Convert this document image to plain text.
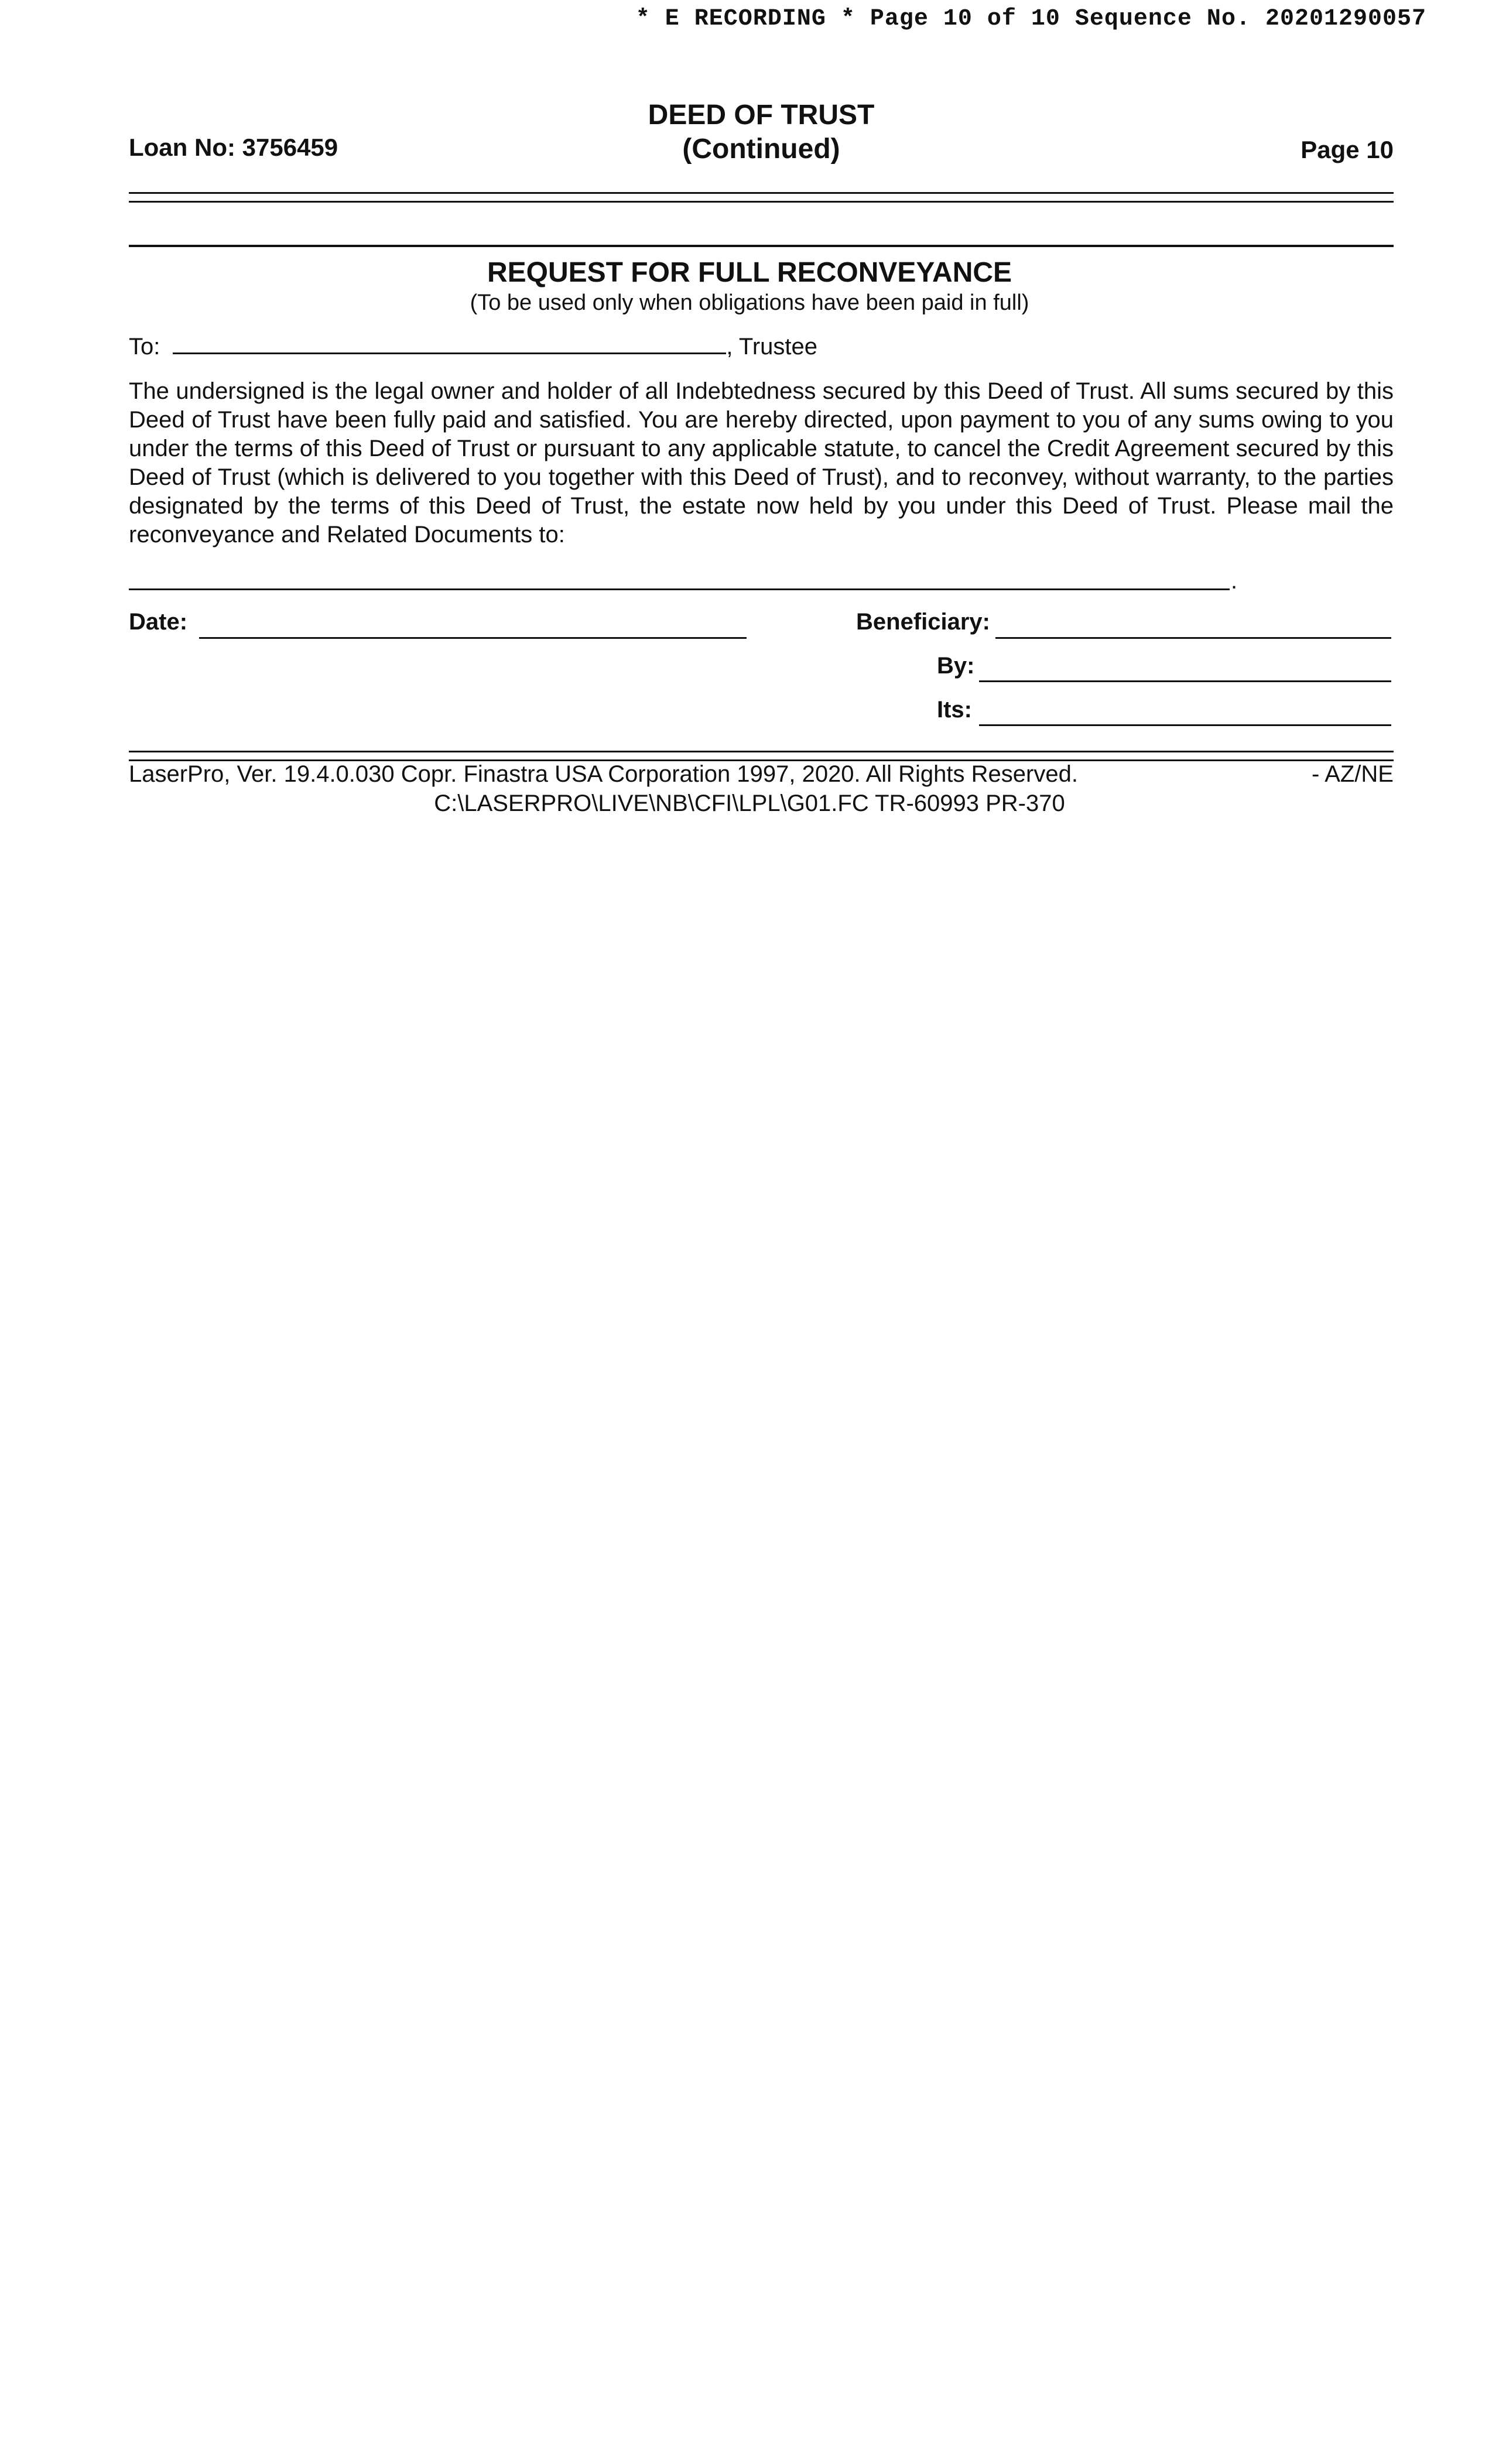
* E RECORDING * Page 10 of 10 Sequence No. 20201290057
Loan No: 3756459
DEED OF TRUST
(Continued)	Page 10
REQUEST FOR FULL RECONVEYANCE
(To be used only when obligations have been paid in full)
To:	, Trustee
The undersigned is the legal owner and holder of all Indebtedness secured by this Deed of Trust. All sums secured by this Deed of Trust have been fully paid and satisfied. You are hereby directed, upon payment to you of any sums owing to you under the terms of this Deed of Trust or pursuant to any applicable statute, to cancel the Credit Agreement secured by this Deed of Trust (which is delivered to you together with this Deed of Trust), and to reconvey, without warranty, to the parties designated by the terms of this Deed of Trust, the estate now held by you under this Deed of Trust. Please mail the reconveyance and Related Documents to:
.
Date:	Beneficiary:
By:
Its:
LaserPro, Ver. 19.4.0.030 Copr. Finastra USA Corporation 1997, 2020. All Rights Reserved.	- AZ/NE
C:\LASERPRO\LIVE\NB\CFI\LPL\G01.FC TR-60993 PR-370
